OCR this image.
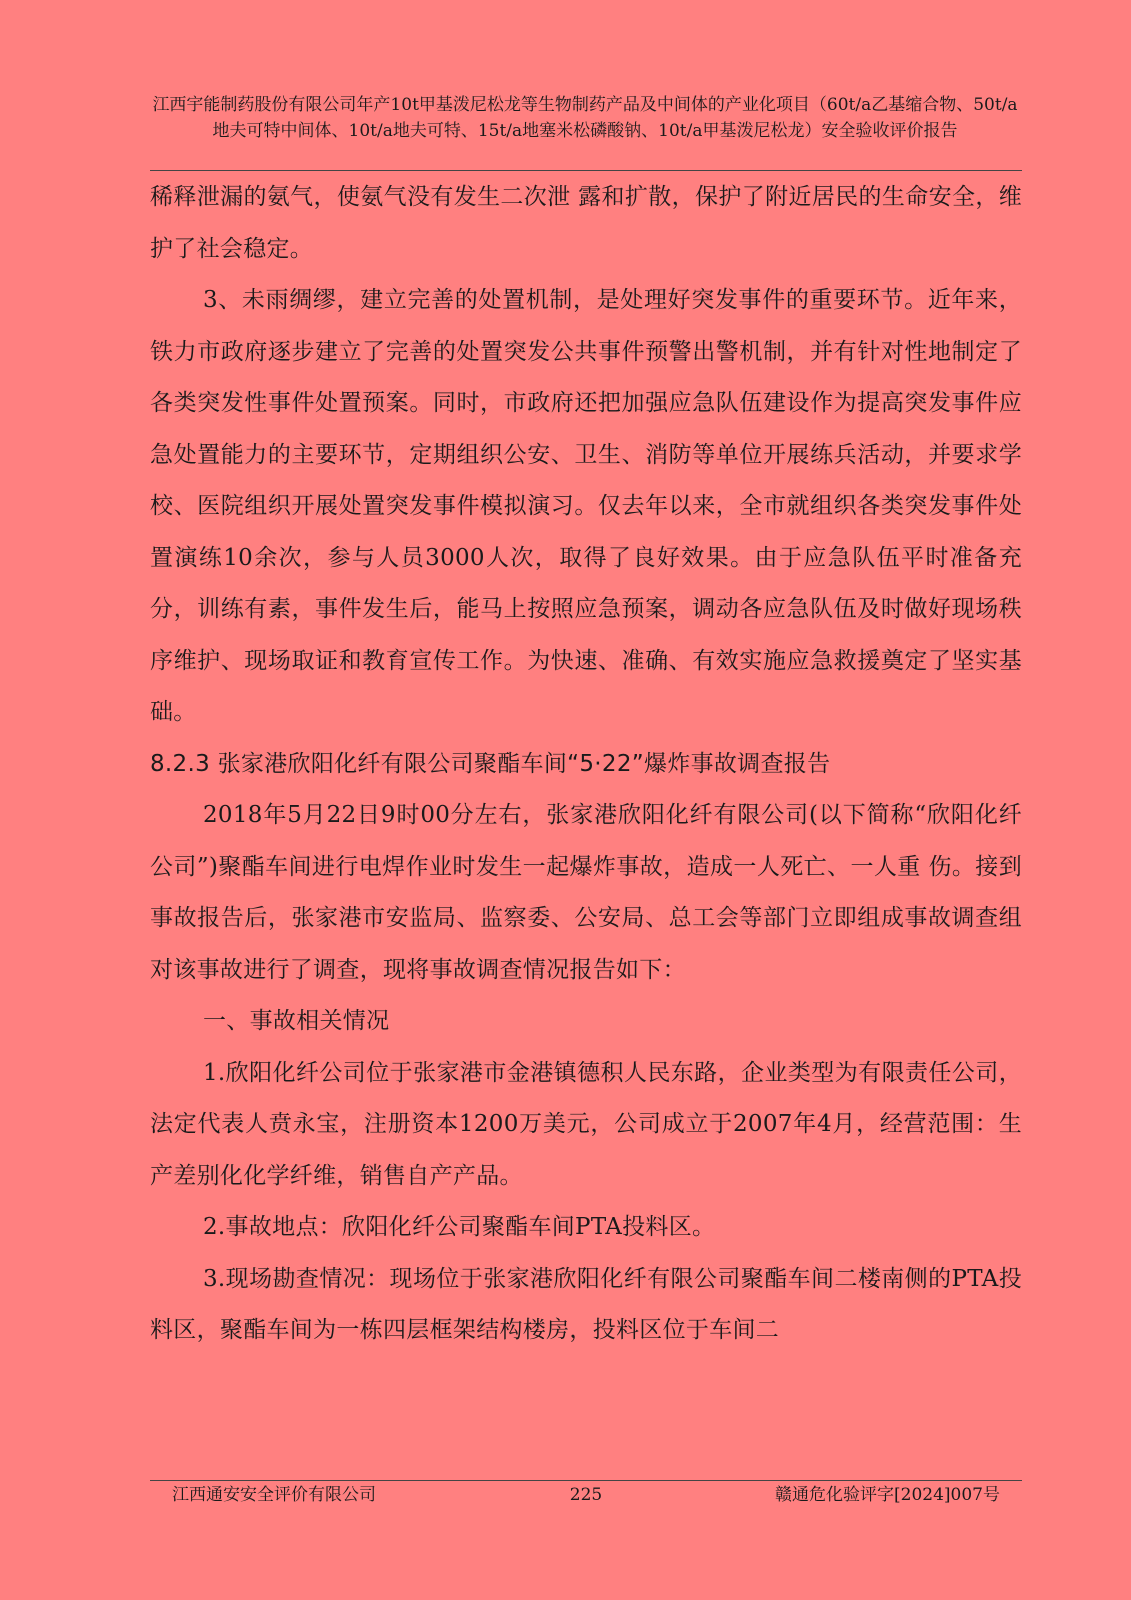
江西宇能制药股份有限公司年产10t甲基泼尼松龙等生物制药产品及中间体的产业化项目（60t/a乙基缩合物、50t/a地夫可特中间体、10t/a地夫可特、15t/a地塞米松磷酸钠、10t/a甲基泼尼松龙）安全验收评价报告

稀释泄漏的氨气，使氨气没有发生二次泄 露和扩散，保护了附近居民的生命安全，维护了社会稳定。

3、未雨绸缪，建立完善的处置机制，是处理好突发事件的重要环节。近年来，铁力市政府逐步建立了完善的处置突发公共事件预警出警机制，并有针对性地制定了各类突发性事件处置预案。同时，市政府还把加强应急队伍建设作为提高突发事件应急处置能力的主要环节，定期组织公安、卫生、消防等单位开展练兵活动，并要求学校、医院组织开展处置突发事件模拟演习。仅去年以来，全市就组织各类突发事件处置演练10余次，参与人员3000人次，取得了良好效果。由于应急队伍平时准备充分，训练有素，事件发生后，能马上按照应急预案，调动各应急队伍及时做好现场秩序维护、现场取证和教育宣传工作。为快速、准确、有效实施应急救援奠定了坚实基础。

8.2.3 张家港欣阳化纤有限公司聚酯车间“5·22”爆炸事故调查报告

2018年5月22日9时00分左右，张家港欣阳化纤有限公司(以下简称“欣阳化纤公司”)聚酯车间进行电焊作业时发生一起爆炸事故，造成一人死亡、一人重 伤。接到事故报告后，张家港市安监局、监察委、公安局、总工会等部门立即组成事故调查组对该事故进行了调查，现将事故调查情况报告如下：

一、事故相关情况

1.欣阳化纤公司位于张家港市金港镇德积人民东路，企业类型为有限责任公司，法定代表人贲永宝，注册资本1200万美元，公司成立于2007年4月，经营范围：生产差别化化学纤维，销售自产产品。

2.事故地点：欣阳化纤公司聚酯车间PTA投料区。

3.现场勘查情况：现场位于张家港欣阳化纤有限公司聚酯车间二楼南侧的PTA投料区，聚酯车间为一栋四层框架结构楼房，投料区位于车间二

江西通安安全评价有限公司	225	赣通危化验评字[2024]007号
